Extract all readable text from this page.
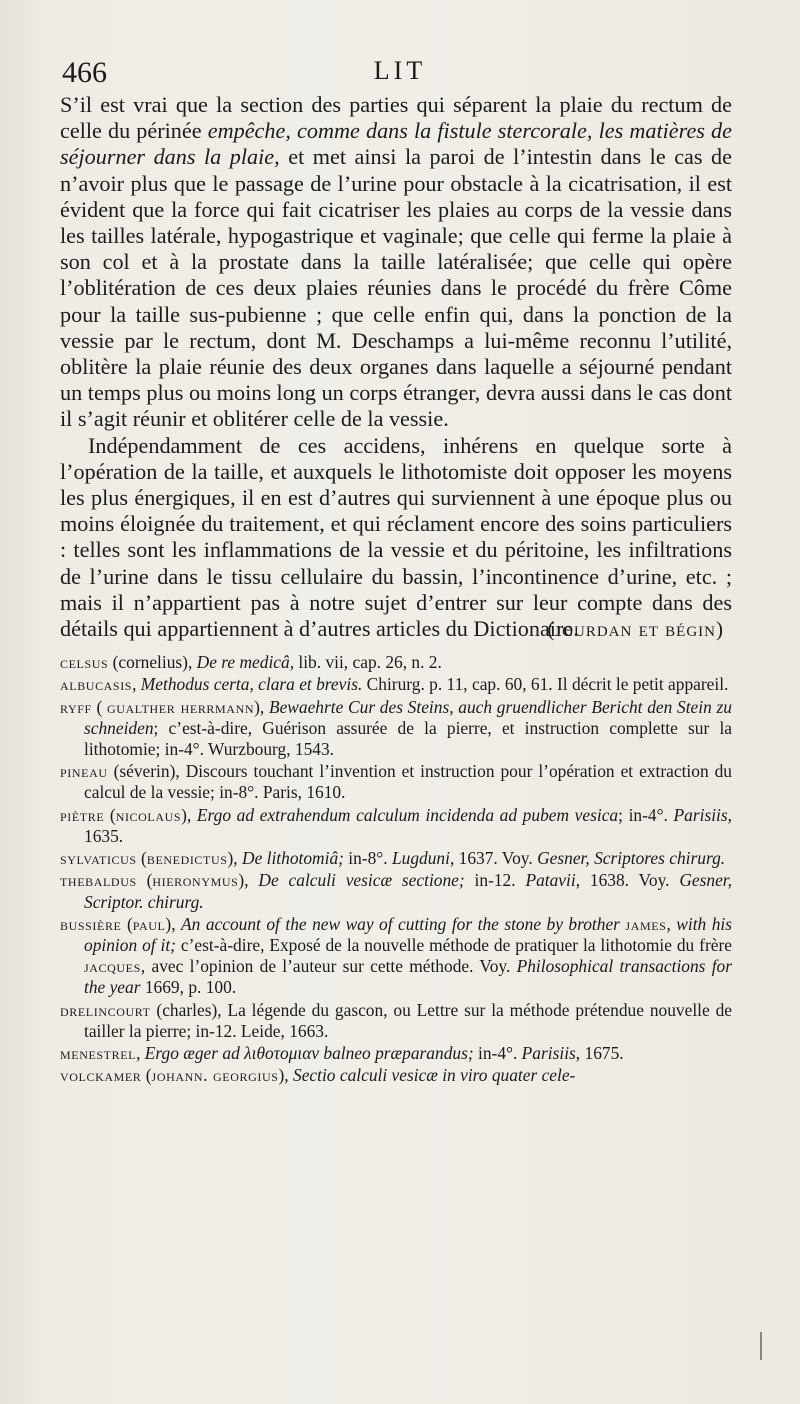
466	LIT

S’il est vrai que la section des parties qui séparent la plaie du rectum de celle du périnée empêche, comme dans la fistule stercorale, les matières de séjourner dans la plaie, et met ainsi la paroi de l’intestin dans le cas de n’avoir plus que le passage de l’urine pour obstacle à la cicatrisation, il est évident que la force qui fait cicatriser les plaies au corps de la vessie dans les tailles latérale, hypogastrique et vaginale; que celle qui ferme la plaie à son col et à la prostate dans la taille latéralisée; que celle qui opère l’oblitération de ces deux plaies réunies dans le procédé du frère Côme pour la taille sus-pubienne ; que celle enfin qui, dans la ponction de la vessie par le rectum, dont M. Deschamps a lui-même reconnu l’utilité, oblitère la plaie réunie des deux organes dans laquelle a séjourné pendant un temps plus ou moins long un corps étranger, devra aussi dans le cas dont il s’agit réunir et oblitérer celle de la vessie.

Indépendamment de ces accidens, inhérens en quelque sorte à l’opération de la taille, et auxquels le lithotomiste doit opposer les moyens les plus énergiques, il en est d’autres qui surviennent à une époque plus ou moins éloignée du traitement, et qui réclament encore des soins particuliers : telles sont les inflammations de la vessie et du péritoine, les infiltrations de l’urine dans le tissu cellulaire du bassin, l’incontinence d’urine, etc. ; mais il n’appartient pas à notre sujet d’entrer sur leur compte dans des détails qui appartiennent à d’autres articles du Dictionaire.

(jourdan et bégin)

celsus (cornelius), De re medicâ, lib. vii, cap. 26, n. 2.

albucasis, Methodus certa, clara et brevis. Chirurg. p. 11, cap. 60, 61. Il décrit le petit appareil.

ryff ( gualther herrmann), Bewaehrte Cur des Steins, auch gruendlicher Bericht den Stein zu schneiden; c’est-à-dire, Guérison assurée de la pierre, et instruction complette sur la lithotomie; in-4°. Wurzbourg, 1543.

pineau (séverin), Discours touchant l’invention et instruction pour l’opération et extraction du calcul de la vessie; in-8°. Paris, 1610.

piètre (nicolaus), Ergo ad extrahendum calculum incidenda ad pubem vesica; in-4°. Parisiis, 1635.

sylvaticus (benedictus), De lithotomiâ; in-8°. Lugduni, 1637. Voy. Gesner, Scriptores chirurg.

thebaldus (hieronymus), De calculi vesicæ sectione; in-12. Patavii, 1638. Voy. Gesner, Scriptor. chirurg.

bussière (paul), An account of the new way of cutting for the stone by brother james, with his opinion of it; c’est-à-dire, Exposé de la nouvelle méthode de pratiquer la lithotomie du frère jacques, avec l’opinion de l’auteur sur cette méthode. Voy. Philosophical transactions for the year 1669, p. 100.

drelincourt (charles), La légende du gascon, ou Lettre sur la méthode prétendue nouvelle de tailler la pierre; in-12. Leide, 1663.

menestrel, Ergo æger ad λιθοτομιαν balneo præparandus; in-4°. Parisiis, 1675.

volckamer (johann. georgius), Sectio calculi vesicæ in viro quater cele-
